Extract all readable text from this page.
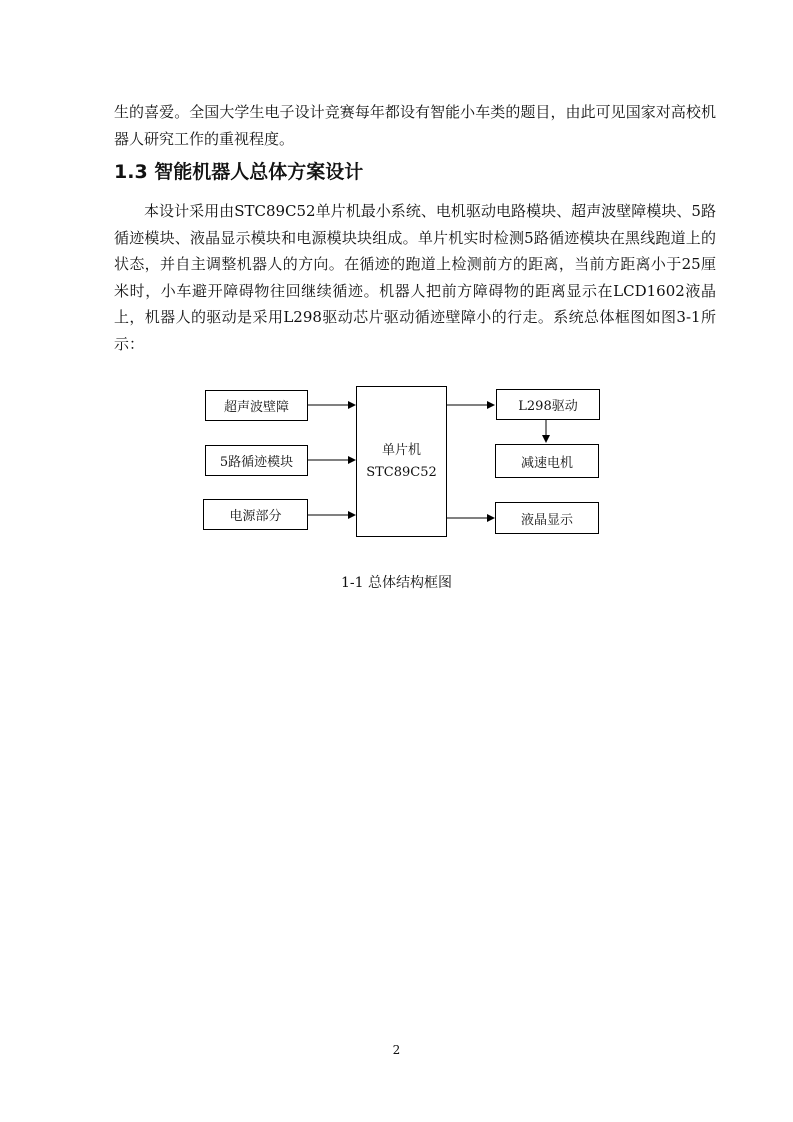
生的喜爱。全国大学生电子设计竞赛每年都设有智能小车类的题目，由此可见国家对高校机器人研究工作的重视程度。

1.3 智能机器人总体方案设计

本设计采用由STC89C52单片机最小系统、电机驱动电路模块、超声波壁障模块、5路循迹模块、液晶显示模块和电源模块块组成。单片机实时检测5路循迹模块在黑线跑道上的状态，并自主调整机器人的方向。在循迹的跑道上检测前方的距离，当前方距离小于25厘米时，小车避开障碍物往回继续循迹。机器人把前方障碍物的距离显示在LCD1602液晶上，机器人的驱动是采用L298驱动芯片驱动循迹壁障小的行走。系统总体框图如图3-1所示：

超声波壁障
5路循迹模块
电源部分
单片机
STC89C52
L298驱动
减速电机
液晶显示
1-1 总体结构框图
2
